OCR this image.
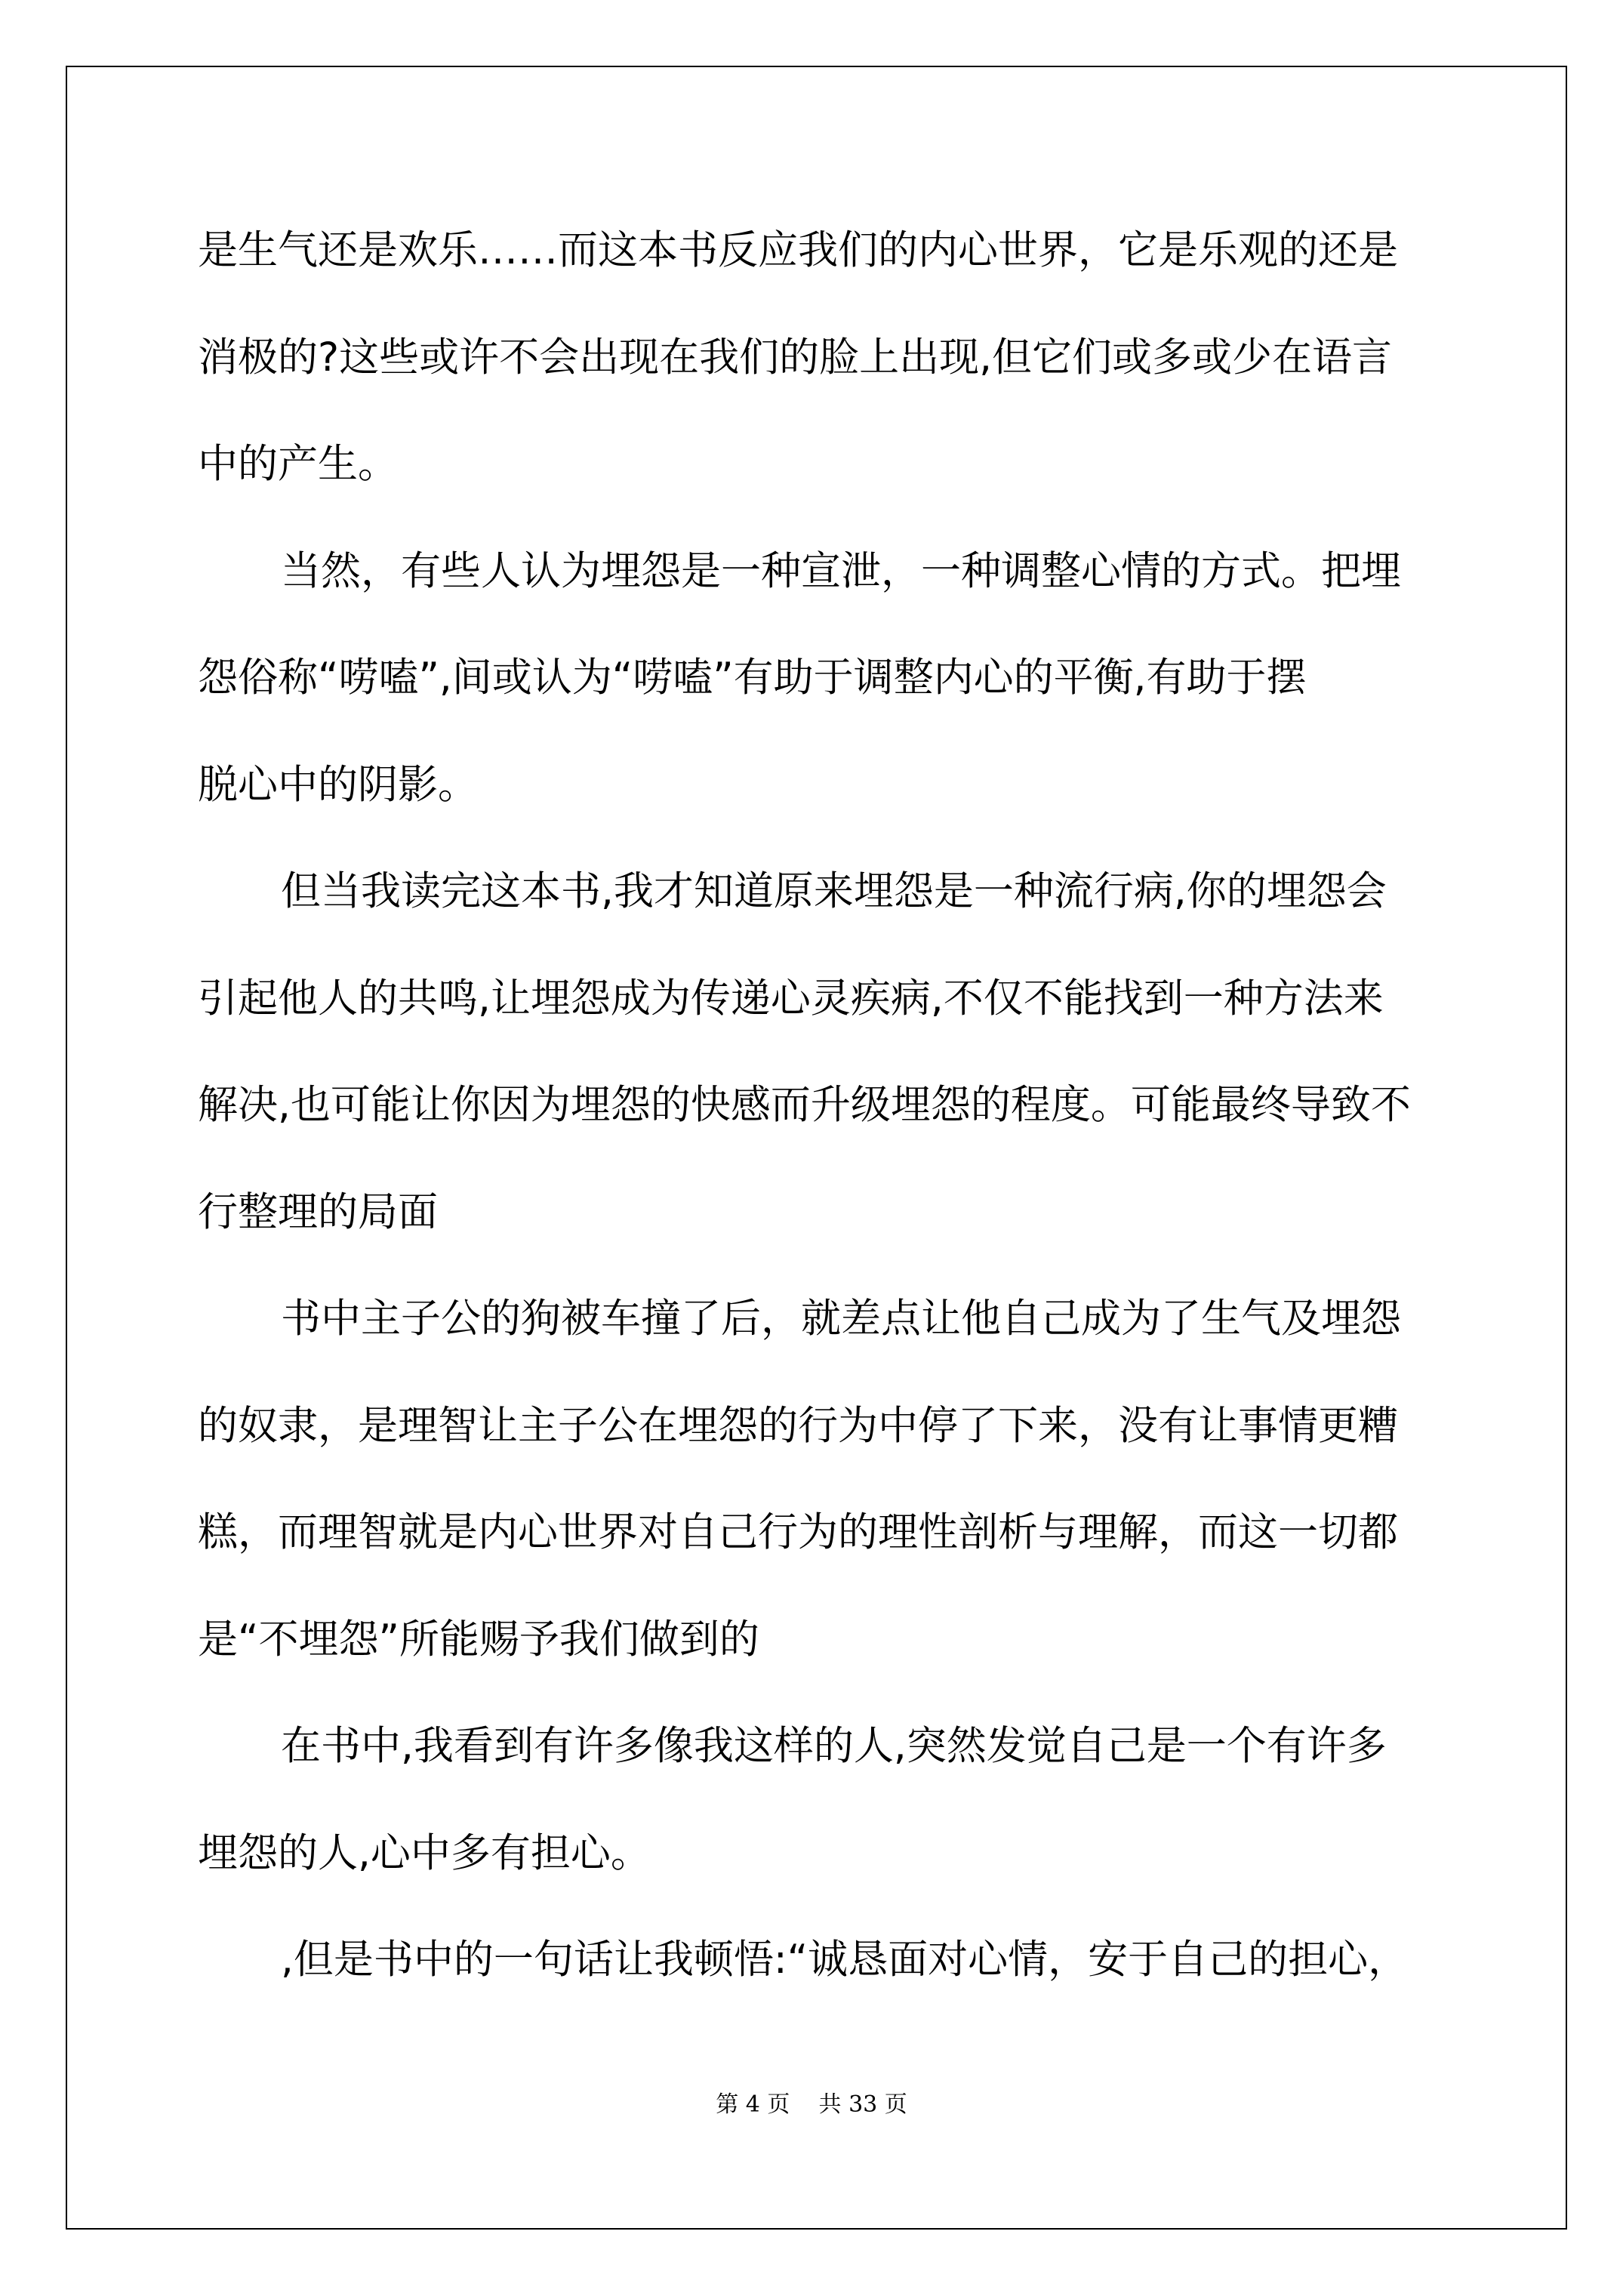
是生气还是欢乐……而这本书反应我们的内心世界，它是乐观的还是
消极的?这些或许不会出现在我们的脸上出现,但它们或多或少在语言
中的产生。
当然，有些人认为埋怨是一种宣泄，一种调整心情的方式。把埋
怨俗称“唠嗑”,间或认为“唠嗑”有助于调整内心的平衡,有助于摆
脱心中的阴影。
但当我读完这本书,我才知道原来埋怨是一种流行病,你的埋怨会
引起他人的共鸣,让埋怨成为传递心灵疾病,不仅不能找到一种方法来
解决,也可能让你因为埋怨的快感而升级埋怨的程度。可能最终导致不
行整理的局面
书中主子公的狗被车撞了后，就差点让他自己成为了生气及埋怨
的奴隶，是理智让主子公在埋怨的行为中停了下来，没有让事情更糟
糕，而理智就是内心世界对自己行为的理性剖析与理解，而这一切都
是“不埋怨”所能赐予我们做到的
在书中,我看到有许多像我这样的人,突然发觉自己是一个有许多
埋怨的人,心中多有担心。
,但是书中的一句话让我顿悟:“诚恳面对心情，安于自己的担心，
第 4 页 共 33 页
